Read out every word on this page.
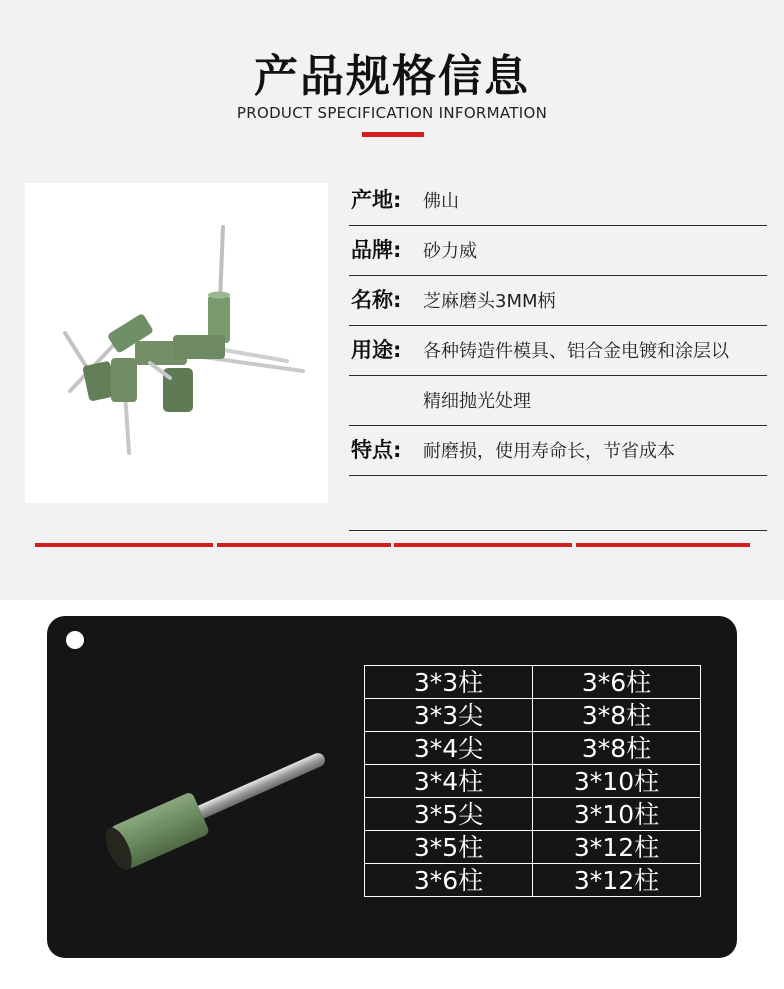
产品规格信息
PRODUCT SPECIFICATION INFORMATION
产地: 佛山
品牌: 砂力威
名称: 芝麻磨头3MM柄
用途: 各种铸造件模具、铝合金电镀和涂层以
精细抛光处理
特点: 耐磨损，使用寿命长，节省成本
3*3柱	3*6柱
3*3尖	3*8柱
3*4尖	3*8柱
3*4柱	3*10柱
3*5尖	3*10柱
3*5柱	3*12柱
3*6柱	3*12柱
